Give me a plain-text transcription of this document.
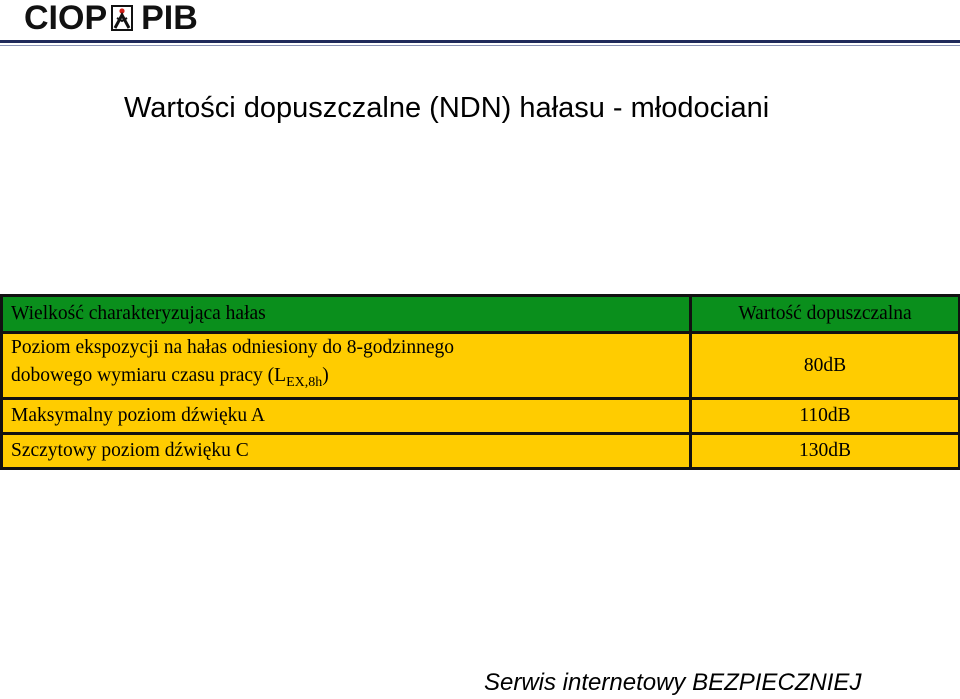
CIOP PIB
Wartości dopuszczalne (NDN) hałasu - młodociani
Wielkość charakteryzująca hałas	Wartość dopuszczalna
Poziom ekspozycji na hałas odniesiony do 8-godzinnego
dobowego wymiaru czasu pracy $(L_{EX,8h})$	80dB
Maksymalny poziom dźwięku A	110dB
Szczytowy poziom dźwięku C	130dB
Serwis internetowy BEZPIECZNIEJ
